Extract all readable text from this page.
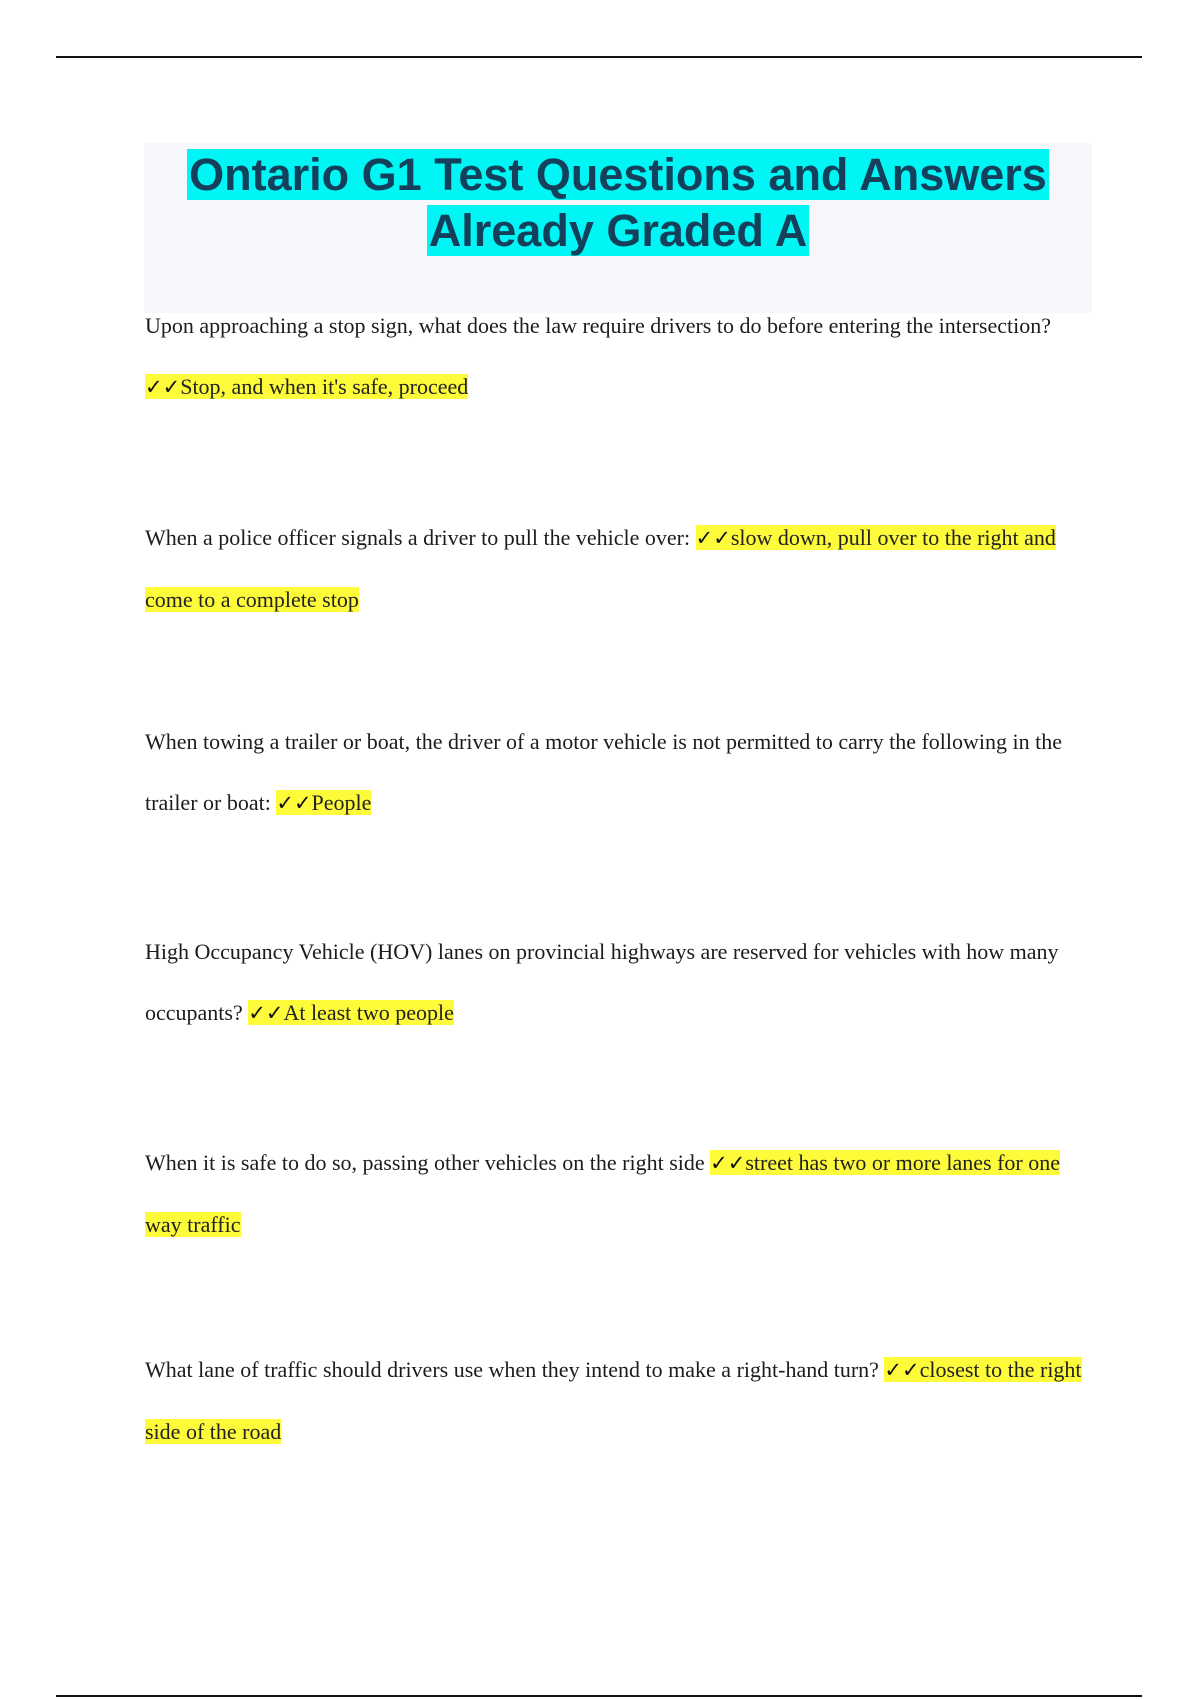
Ontario G1 Test Questions and Answers
Already Graded A

Upon approaching a stop sign, what does the law require drivers to do before entering the intersection? ✓✓Stop, and when it's safe, proceed

When a police officer signals a driver to pull the vehicle over: ✓✓slow down, pull over to the right and come to a complete stop

When towing a trailer or boat, the driver of a motor vehicle is not permitted to carry the following in the trailer or boat: ✓✓People

High Occupancy Vehicle (HOV) lanes on provincial highways are reserved for vehicles with how many occupants? ✓✓At least two people

When it is safe to do so, passing other vehicles on the right side ✓✓street has two or more lanes for one way traffic

What lane of traffic should drivers use when they intend to make a right-hand turn? ✓✓closest to the right side of the road
